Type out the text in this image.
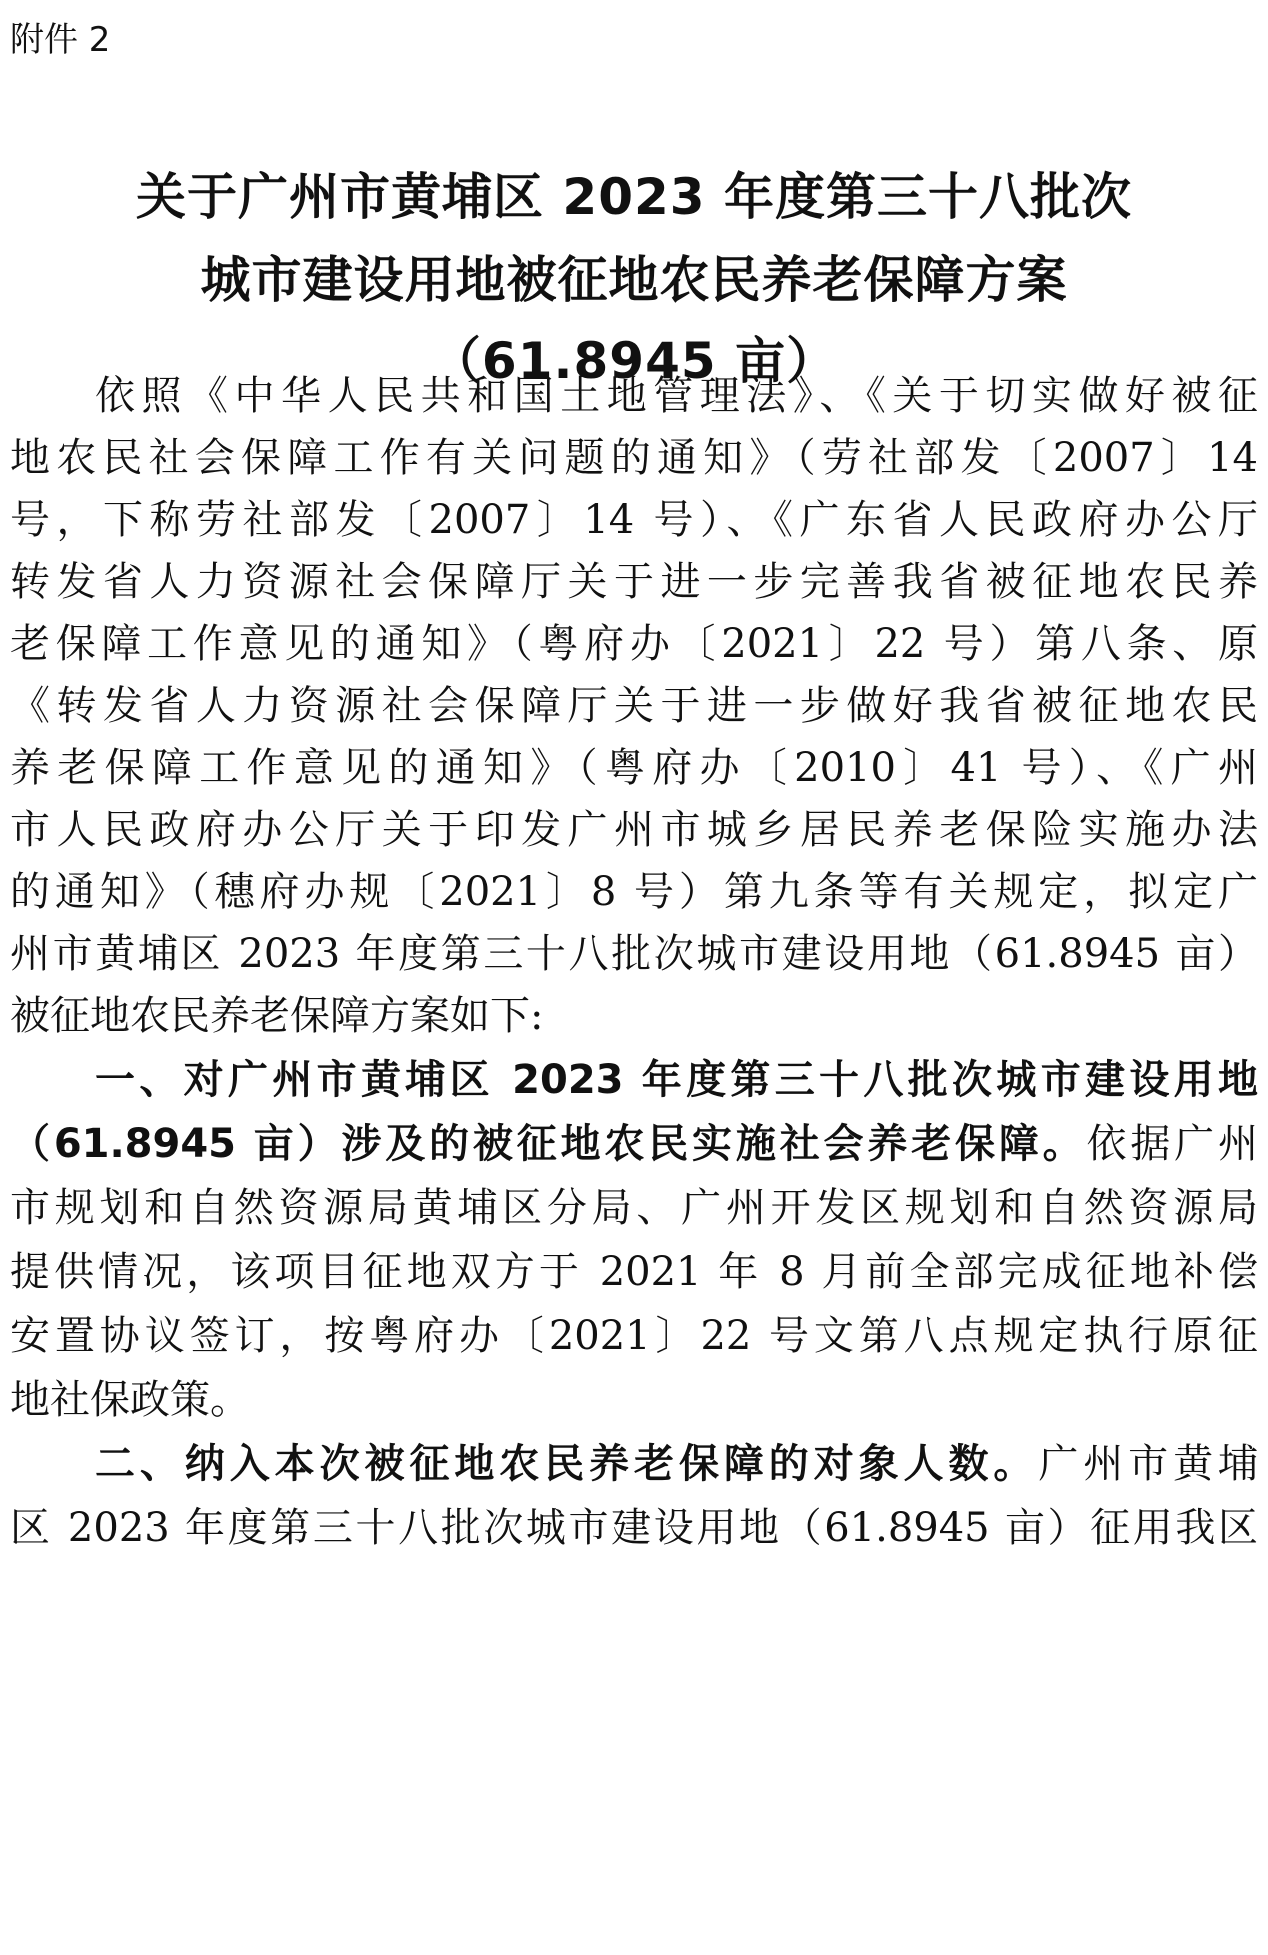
附件 2
关于广州市黄埔区 2023 年度第三十八批次
城市建设用地被征地农民养老保障方案
（61.8945 亩）
依照《中华人民共和国土地管理法》、《关于切实做好被征
地农民社会保障工作有关问题的通知》（劳社部发〔2007〕14
号，下称劳社部发〔2007〕14 号）、《广东省人民政府办公厅
转发省人力资源社会保障厅关于进一步完善我省被征地农民养
老保障工作意见的通知》（粤府办〔2021〕22 号）第八条、原
《转发省人力资源社会保障厅关于进一步做好我省被征地农民
养老保障工作意见的通知》（粤府办〔2010〕41 号）、《广州
市人民政府办公厅关于印发广州市城乡居民养老保险实施办法
的通知》（穗府办规〔2021〕8 号）第九条等有关规定，拟定广
州市黄埔区 2023 年度第三十八批次城市建设用地（61.8945 亩）
被征地农民养老保障方案如下:
一、对广州市黄埔区 2023 年度第三十八批次城市建设用地
（61.8945 亩）涉及的被征地农民实施社会养老保障。依据广州
市规划和自然资源局黄埔区分局、广州开发区规划和自然资源局
提供情况，该项目征地双方于 2021 年 8 月前全部完成征地补偿
安置协议签订，按粤府办〔2021〕22 号文第八点规定执行原征
地社保政策。
二、纳入本次被征地农民养老保障的对象人数。广州市黄埔
区 2023 年度第三十八批次城市建设用地（61.8945 亩）征用我区
